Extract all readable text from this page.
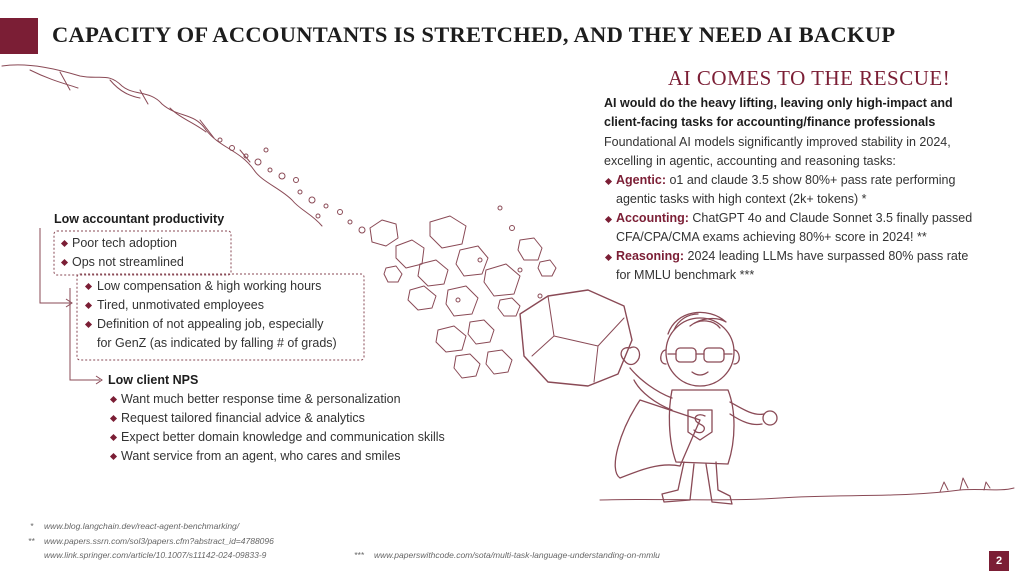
CAPACITY OF ACCOUNTANTS IS STRETCHED, AND THEY NEED AI BACKUP
AI COMES TO THE RESCUE!
AI would do the heavy lifting, leaving only high-impact and
client-facing tasks for accounting/finance professionals
Foundational AI models significantly improved stability in 2024,
excelling in agentic, accounting and reasoning tasks:
Agentic: o1 and claude 3.5 show 80%+ pass rate performing
agentic tasks with high context (2k+ tokens) *
Accounting: ChatGPT 4o and Claude Sonnet 3.5 finally passed
CFA/CPA/CMA exams achieving 80%+ score in 2024! **
Reasoning: 2024 leading LLMs have surpassed 80% pass rate
for MMLU benchmark ***
Low accountant productivity
Poor tech adoption
Ops not streamlined
Low compensation & high working hours
Tired, unmotivated employees
Definition of not appealing job, especially
for GenZ (as indicated by falling # of grads)
Low client NPS
Want much better response time & personalization
Request tailored financial advice & analytics
Expect better domain knowledge and communication skills
Want service from an agent, who cares and smiles
* www.blog.langchain.dev/react-agent-benchmarking/
** www.papers.ssrn.com/sol3/papers.cfm?abstract_id=4788096
www.link.springer.com/article/10.1007/s11142-024-09833-9	*** www.paperswithcode.com/sota/multi-task-language-understanding-on-mmlu	2
